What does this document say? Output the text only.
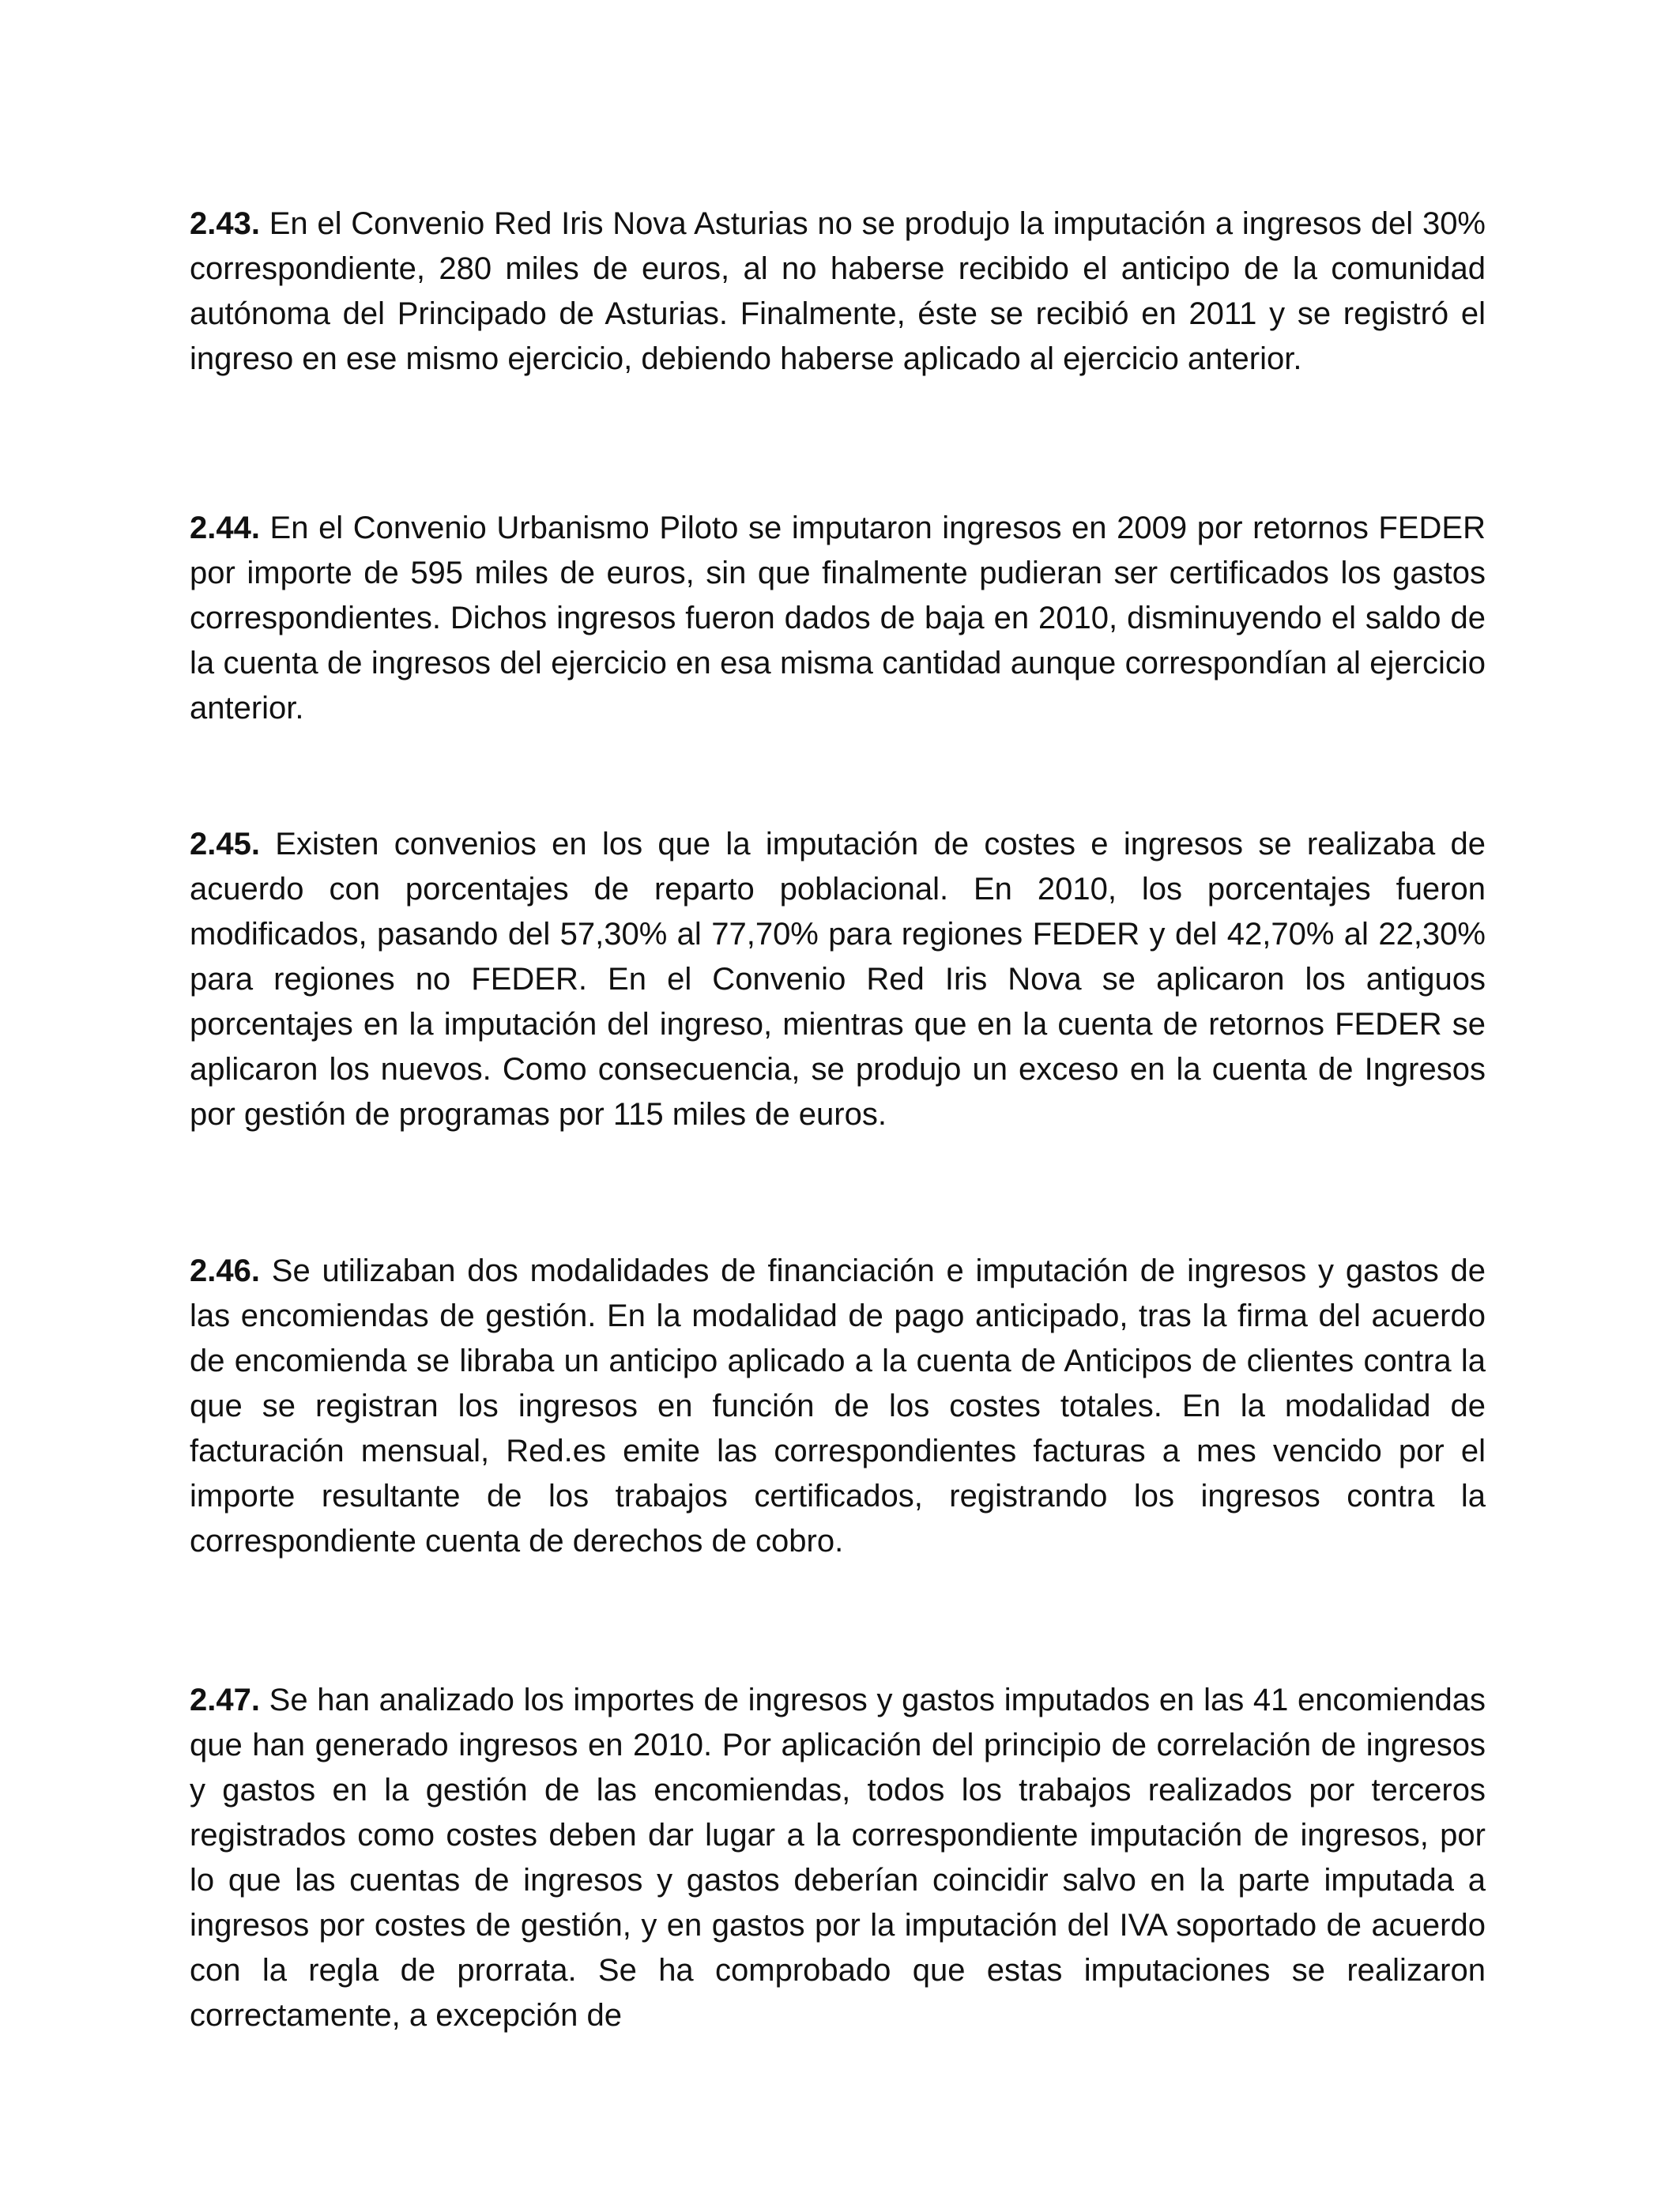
2.43. En el Convenio Red Iris Nova Asturias no se produjo la imputación a ingresos del 30% correspondiente, 280 miles de euros, al no haberse recibido el anticipo de la comunidad autónoma del Principado de Asturias. Finalmente, éste se recibió en 2011 y se registró el ingreso en ese mismo ejercicio, debiendo haberse aplicado al ejercicio anterior.

2.44. En el Convenio Urbanismo Piloto se imputaron ingresos en 2009 por retornos FEDER por importe de 595 miles de euros, sin que finalmente pudieran ser certificados los gastos correspondientes. Dichos ingresos fueron dados de baja en 2010, disminuyendo el saldo de la cuenta de ingresos del ejercicio en esa misma cantidad aunque correspondían al ejercicio anterior.

2.45. Existen convenios en los que la imputación de costes e ingresos se realizaba de acuerdo con porcentajes de reparto poblacional. En 2010, los porcentajes fueron modificados, pasando del 57,30% al 77,70% para regiones FEDER y del 42,70% al 22,30% para regiones no FEDER. En el Convenio Red Iris Nova se aplicaron los antiguos porcentajes en la imputación del ingreso, mientras que en la cuenta de retornos FEDER se aplicaron los nuevos. Como consecuencia, se produjo un exceso en la cuenta de Ingresos por gestión de programas por 115 miles de euros.

2.46. Se utilizaban dos modalidades de financiación e imputación de ingresos y gastos de las encomiendas de gestión. En la modalidad de pago anticipado, tras la firma del acuerdo de encomienda se libraba un anticipo aplicado a la cuenta de Anticipos de clientes contra la que se registran los ingresos en función de los costes totales. En la modalidad de facturación mensual, Red.es emite las correspondientes facturas a mes vencido por el importe resultante de los trabajos certificados, registrando los ingresos contra la correspondiente cuenta de derechos de cobro.

2.47. Se han analizado los importes de ingresos y gastos imputados en las 41 encomiendas que han generado ingresos en 2010. Por aplicación del principio de correlación de ingresos y gastos en la gestión de las encomiendas, todos los trabajos realizados por terceros registrados como costes deben dar lugar a la correspondiente imputación de ingresos, por lo que las cuentas de ingresos y gastos deberían coincidir salvo en la parte imputada a ingresos por costes de gestión, y en gastos por la imputación del IVA soportado de acuerdo con la regla de prorrata. Se ha comprobado que estas imputaciones se realizaron correctamente, a excepción de
